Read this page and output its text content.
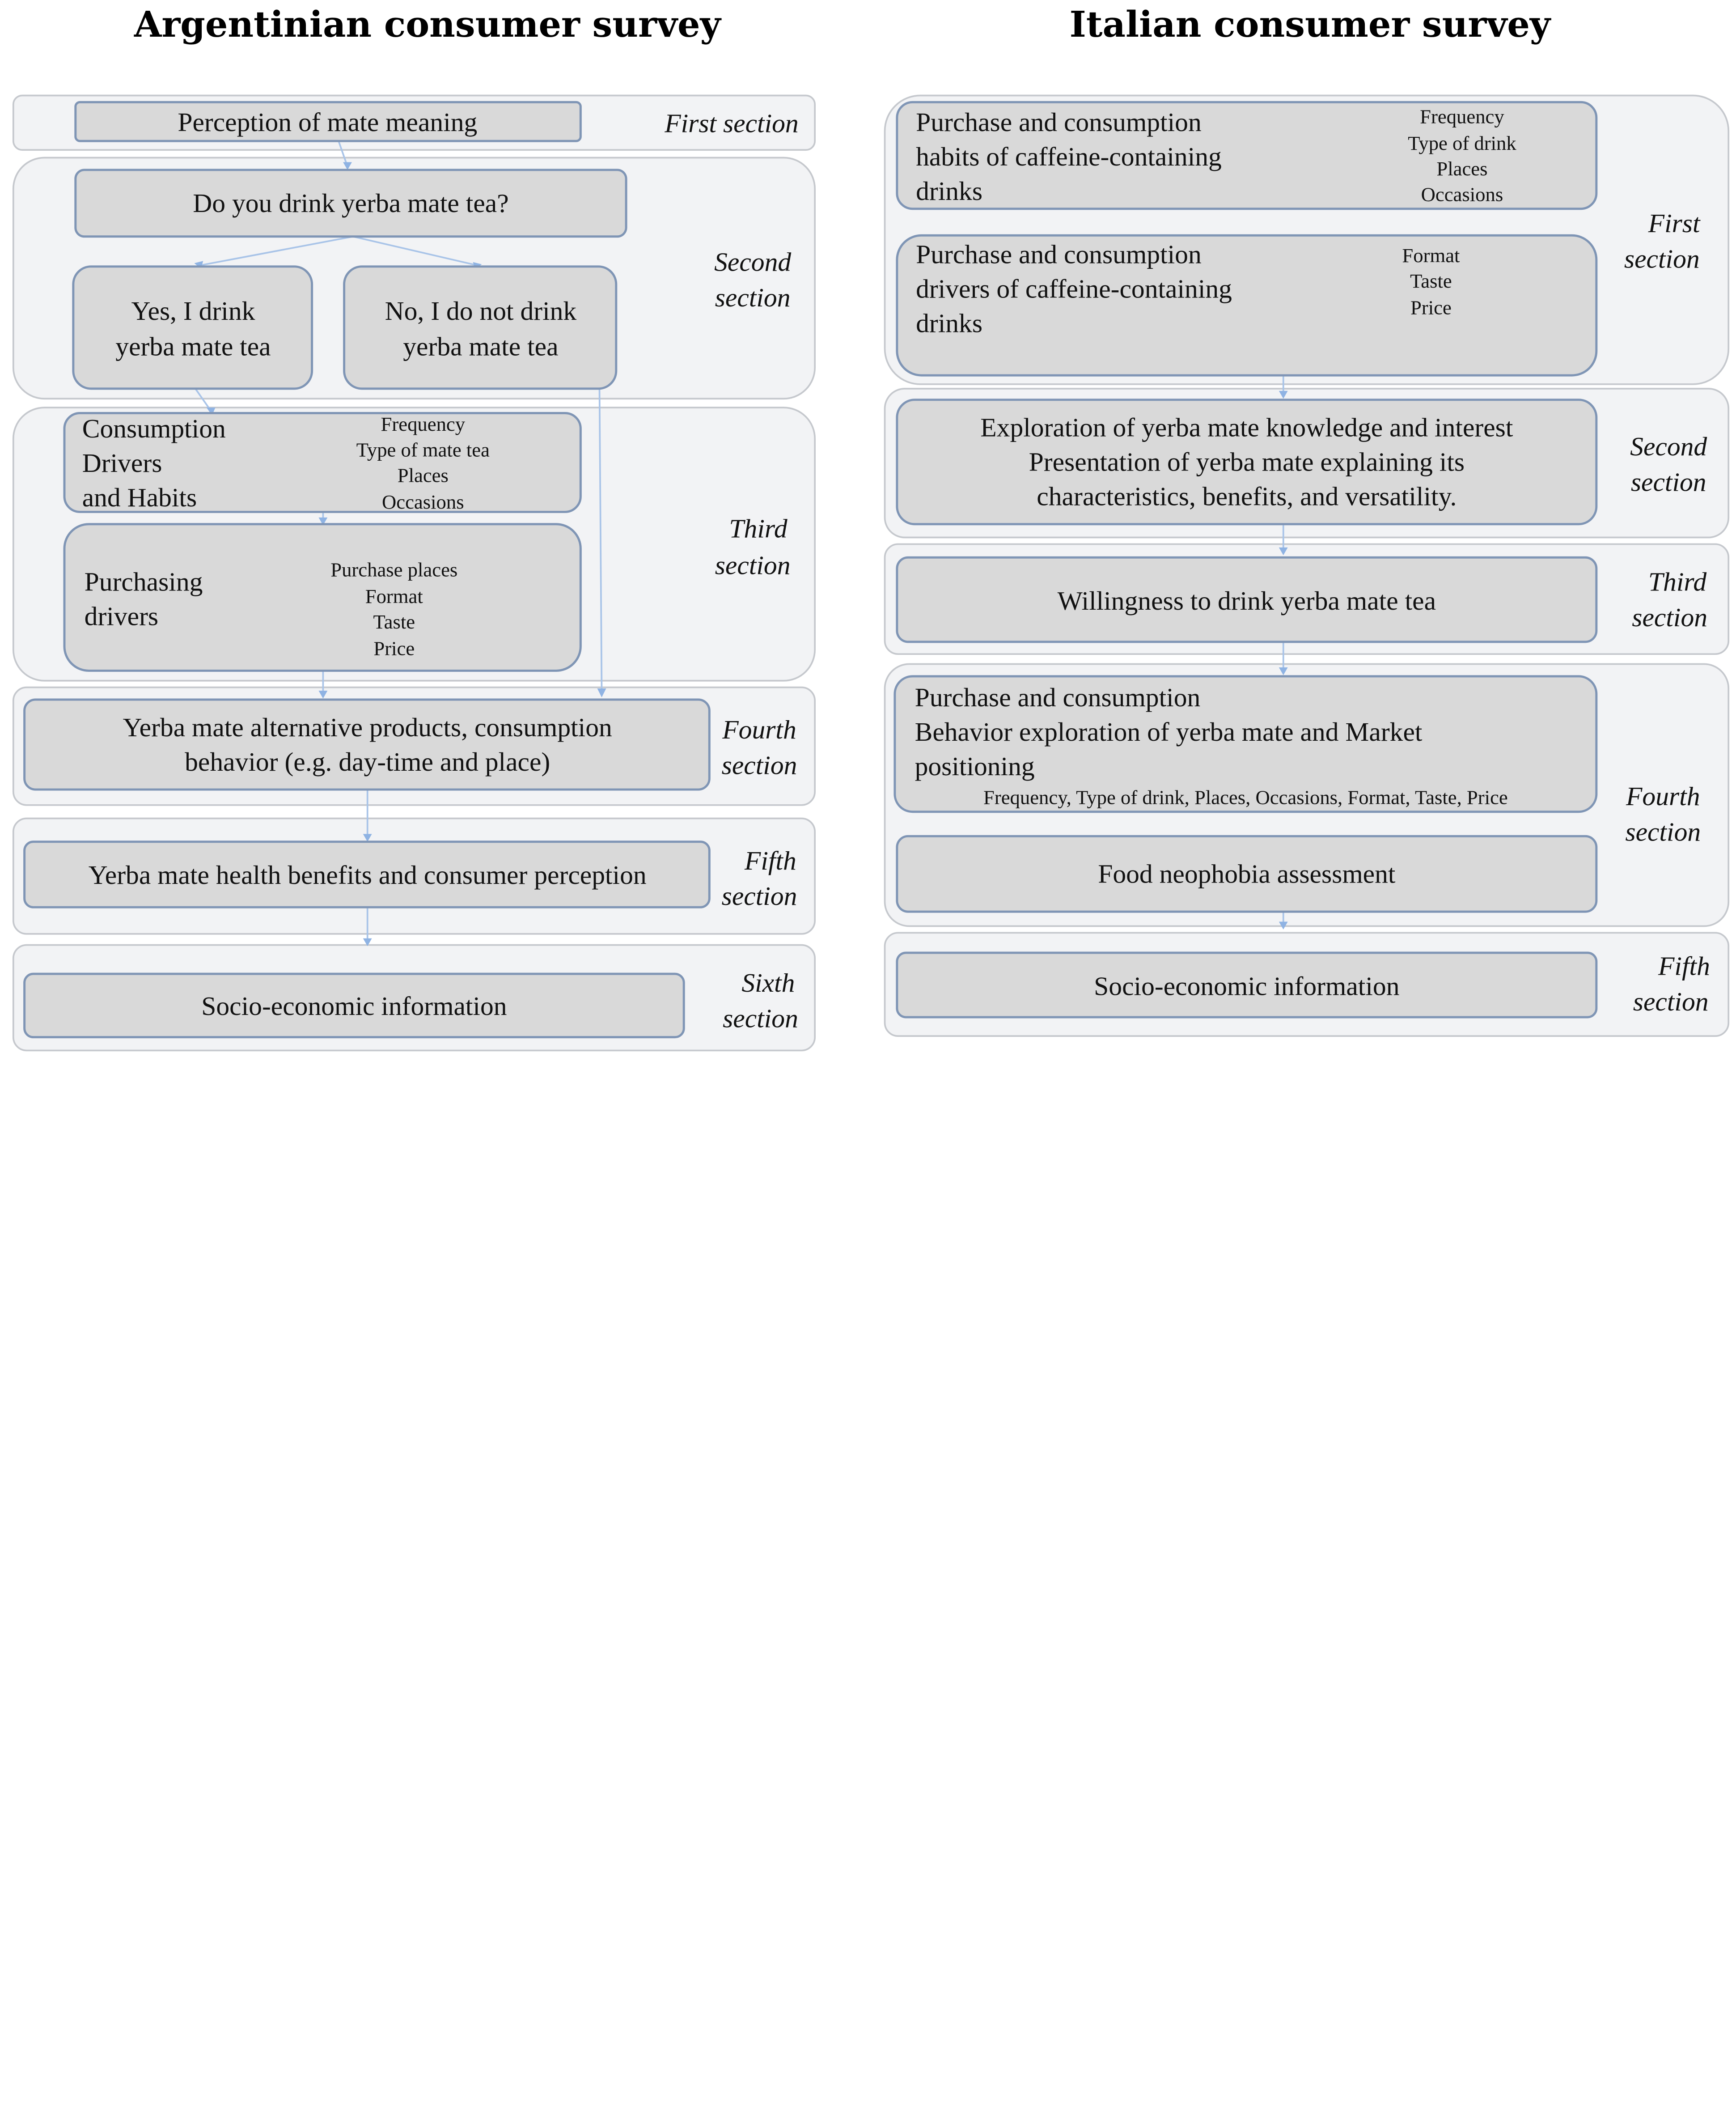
Argentinian consumer survey
Perception of mate meaning	First section
Do you drink yerba mate tea?
Yes, I drink
yerba mate tea
No, I do not drink
yerba mate tea
Second
section
Consumption
Drivers
and Habits
Frequency
Type of mate tea
Places
Occasions
Purchasing
drivers
Purchase places
Format
Taste
Price
Third
section
Yerba mate alternative products, consumption
behavior (e.g. day-time and place)
Fourth
section
Yerba mate health benefits and consumer perception	Fifth
section
Socio-economic information
Sixth
section
Italian consumer survey
Purchase and consumption
habits of caffeine-containing
drinks
Frequency
Type of drink
Places
Occasions
Purchase and consumption
drivers of caffeine-containing
drinks
Format
Taste
Price
First
section
Exploration of yerba mate knowledge and interest
Presentation of yerba mate explaining its
characteristics, benefits, and versatility.
Second
section
Willingness to drink yerba mate tea
Third
section
Purchase and consumption
Behavior exploration of yerba mate and Market
positioning
Frequency, Type of drink, Places, Occasions, Format, Taste, Price
Food neophobia assessment
Fourth
section
Socio-economic information
Fifth
section
